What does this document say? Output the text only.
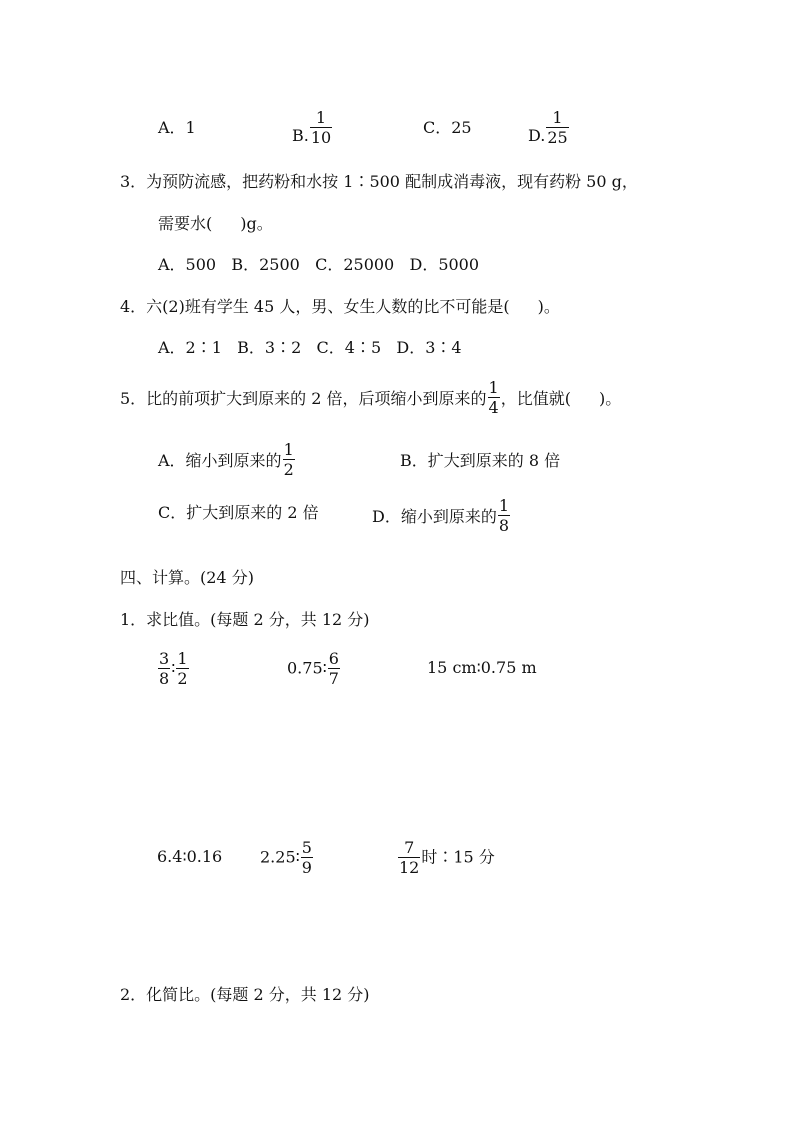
A．1	B. $\frac{1}{10}$	C．25	D. $\frac{1}{25}$
3．为预防流感，把药粉和水按 1∶500 配制成消毒液，现有药粉 50 g，
需要水( )g。
A．500   B．2500   C．25000   D．5000
4．六(2)班有学生 45 人，男、女生人数的比不可能是( )。
A．2∶1   B．3∶2   C．4∶5   D．3∶4
5．比的前项扩大到原来的 2 倍，后项缩小到原来的 $\frac{1}{4}$ ，比值就( )。
A．缩小到原来的 $\frac{1}{2}$	B．扩大到原来的 8 倍
C．扩大到原来的 2 倍	D．缩小到原来的 $\frac{1}{8}$
四、计算。(24 分)
1．求比值。(每题 2 分，共 12 分)
$\frac{3}{8}$ ∶ $\frac{1}{2}$	0.75∶ $\frac{6}{7}$	15 cm∶0.75 m
6.4∶0.16 2.25∶ $\frac{5}{9}$	$\frac{7}{12}$ 时∶15 分
2．化简比。(每题 2 分，共 12 分)
